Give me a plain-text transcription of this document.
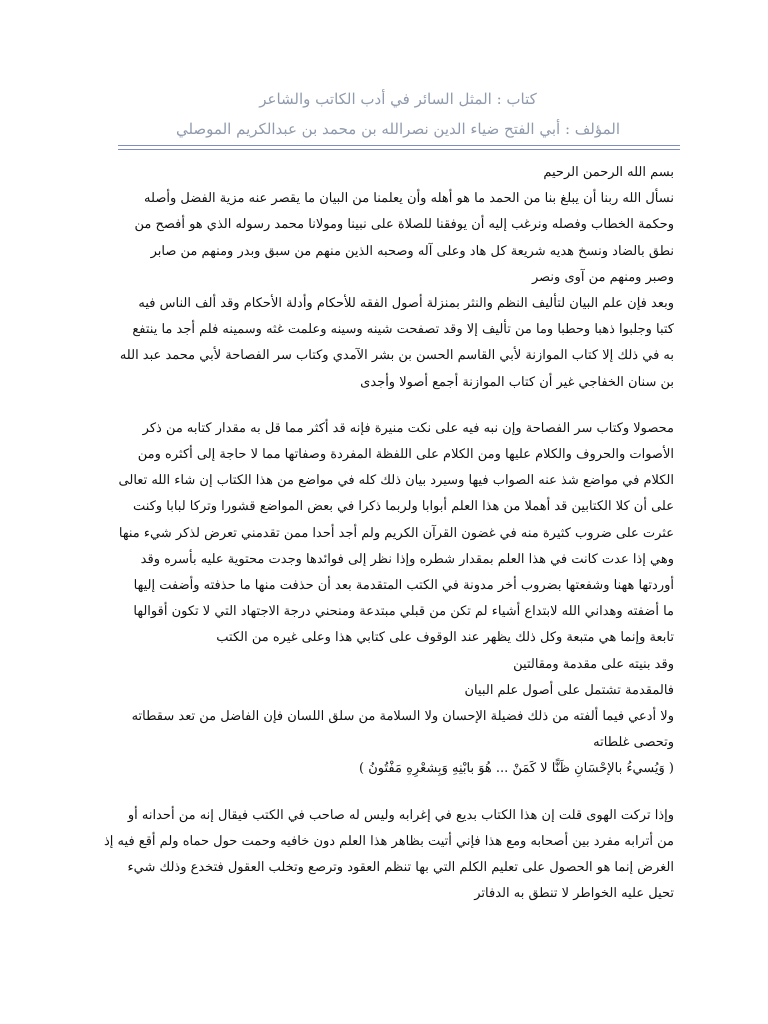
كتاب : المثل السائر في أدب الكاتب والشاعر
المؤلف : أبي الفتح ضياء الدين نصرالله بن محمد بن عبدالكريم الموصلي
بسم الله الرحمن الرحيم
نسأل الله ربنا أن يبلغ بنا من الحمد ما هو أهله وأن يعلمنا من البيان ما يقصر عنه مزية الفضل وأصله
وحكمة الخطاب وفصله ونرغب إليه أن يوفقنا للصلاة على نبينا ومولانا محمد رسوله الذي هو أفصح من
نطق بالضاد ونسخ هديه شريعة كل هاد وعلى آله وصحبه الذين منهم من سبق وبدر ومنهم من صابر
وصبر ومنهم من آوى ونصر
وبعد فإن علم البيان لتأليف النظم والنثر بمنزلة أصول الفقه للأحكام وأدلة الأحكام وقد ألف الناس فيه
كتبا وجلبوا ذهبا وحطبا وما من تأليف إلا وقد تصفحت شينه وسينه وعلمت غثه وسمينه فلم أجد ما ينتفع
به في ذلك إلا كتاب الموازنة لأبي القاسم الحسن بن بشر الآمدي وكتاب سر الفصاحة لأبي محمد عبد الله
بن سنان الخفاجي غير أن كتاب الموازنة أجمع أصولا وأجدى
محصولا وكتاب سر الفصاحة وإن نبه فيه على نكت منيرة فإنه قد أكثر مما قل به مقدار كتابه من ذكر
الأصوات والحروف والكلام عليها ومن الكلام على اللفظة المفردة وصفاتها مما لا حاجة إلى أكثره ومن
الكلام في مواضع شذ عنه الصواب فيها وسيرد بيان ذلك كله في مواضع من هذا الكتاب إن شاء الله تعالى
على أن كلا الكتابين قد أهملا من هذا العلم أبوابا ولربما ذكرا في بعض المواضع قشورا وتركا لبابا وكنت
عثرت على ضروب كثيرة منه في غضون القرآن الكريم ولم أجد أحدا ممن تقدمني تعرض لذكر شيء منها
وهي إذا عدت كانت في هذا العلم بمقدار شطره وإذا نظر إلى فوائدها وجدت محتوية عليه بأسره وقد
أوردتها ههنا وشفعتها بضروب أخر مدونة في الكتب المتقدمة بعد أن حذفت منها ما حذفته وأضفت إليها
ما أضفته وهداني الله لابتداع أشياء لم تكن من قبلي مبتدعة ومنحني درجة الاجتهاد التي لا تكون أقوالها
تابعة وإنما هي متبعة وكل ذلك يظهر عند الوقوف على كتابي هذا وعلى غيره من الكتب
وقد بنيته على مقدمة ومقالتين
فالمقدمة تشتمل على أصول علم البيان
ولا أدعي فيما ألفته من ذلك فضيلة الإحسان ولا السلامة من سلق اللسان فإن الفاضل من تعد سقطاته
وتحصى غلطاته
( وَيُسيءُ بالإحْسَانِ ظَنًّا لا كَمَنْ ... هُوَ بابْنِهِ وَبِشعْرِهِ مَفْتُونُ )
وإذا تركت الهوى قلت إن هذا الكتاب بديع في إغرابه وليس له صاحب في الكتب فيقال إنه من أحدانه أو
من أترابه مفرد بين أصحابه ومع هذا فإني أتيت بظاهر هذا العلم دون خافيه وحمت حول حماه ولم أقع فيه إذ
الغرض إنما هو الحصول على تعليم الكلم التي بها تنظم العقود وترصع وتخلب العقول فتخدع وذلك شيء
تحيل عليه الخواطر لا تنطق به الدفاتر
